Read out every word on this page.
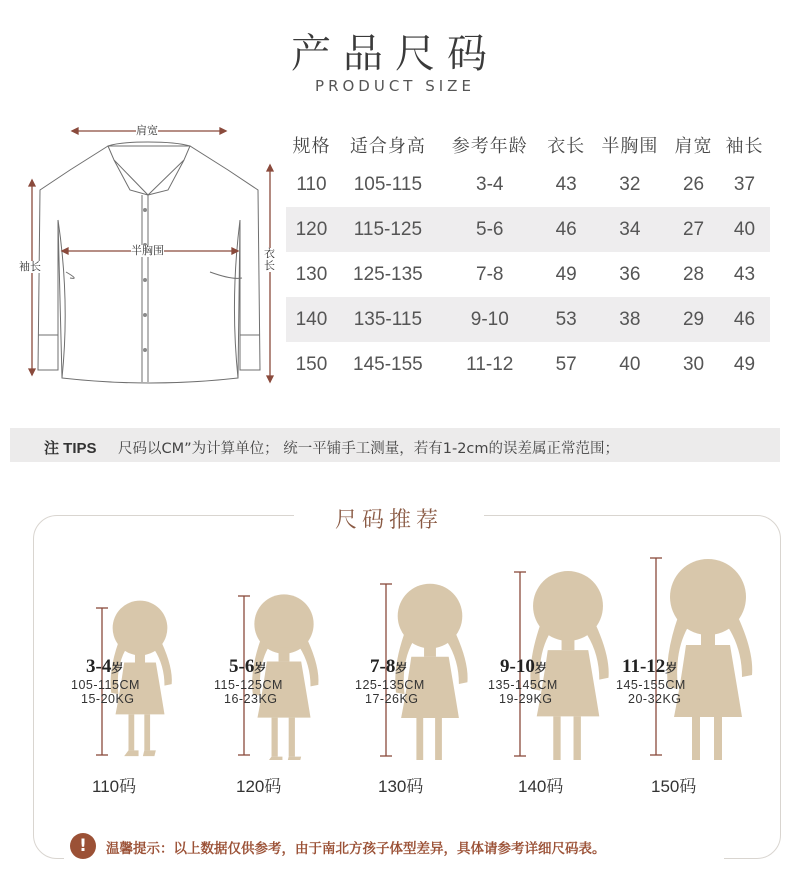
产品尺码
PRODUCT SIZE
肩宽
半胸围
袖长
衣长
规格	适合身高	参考年龄	衣长	半胸围	肩宽	袖长
110	105-115	3-4	43	32	26	37
120	115-125	5-6	46	34	27	40
130	125-135	7-8	49	36	28	43
140	135-115	9-10	53	38	29	46
150	145-155	11-12	57	40	30	49
注 TIPS 尺码以CM”为计算单位； 统一平铺手工测量，若有1-2cm的误差属正常范围；
尺码推荐
3-4岁
105-115CM
15-20KG
5-6岁
115-125CM
16-23KG
7-8岁
125-135CM
17-26KG
9-10岁
135-145CM
19-29KG
11-12岁
145-155CM
20-32KG
110码	120码	130码	140码	150码
!	温馨提示：以上数据仅供参考，由于南北方孩子体型差异，具体请参考详细尺码表。
